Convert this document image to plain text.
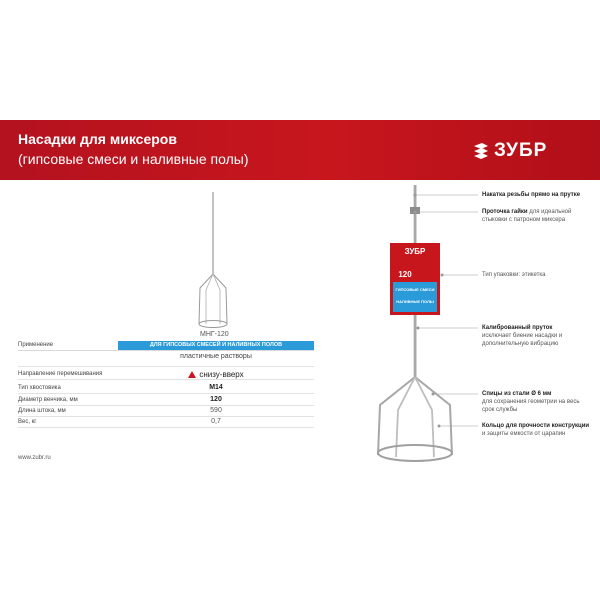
Насадки для миксеров
(гипсовые смеси и наливные полы)	ЗУБР
МНГ-120
Применение	ДЛЯ ГИПСОВЫХ СМЕСЕЙ И НАЛИВНЫХ ПОЛОВ
пластичные растворы
Направление перемешивания	снизу-вверх
Тип хвостовика	M14
Диаметр венчика, мм	120
Длина штока, мм	590
Вес, кг	0,7
www.zubr.ru
ЗУБР
120
ГИПСОВЫЕ СМЕСИ
НАЛИВНЫЕ ПОЛЫ
Накатка резьбы прямо на прутке
Проточка гайки для идеальной стыковки с патроном миксера
Тип упаковки: этикетка
Калиброванный пруток
исключает биение насадки и дополнительную вибрацию
Спицы из стали Ø 6 мм
для сохранения геометрии на весь срок службы
Кольцо для прочности конструкции и защиты емкости от царапин
